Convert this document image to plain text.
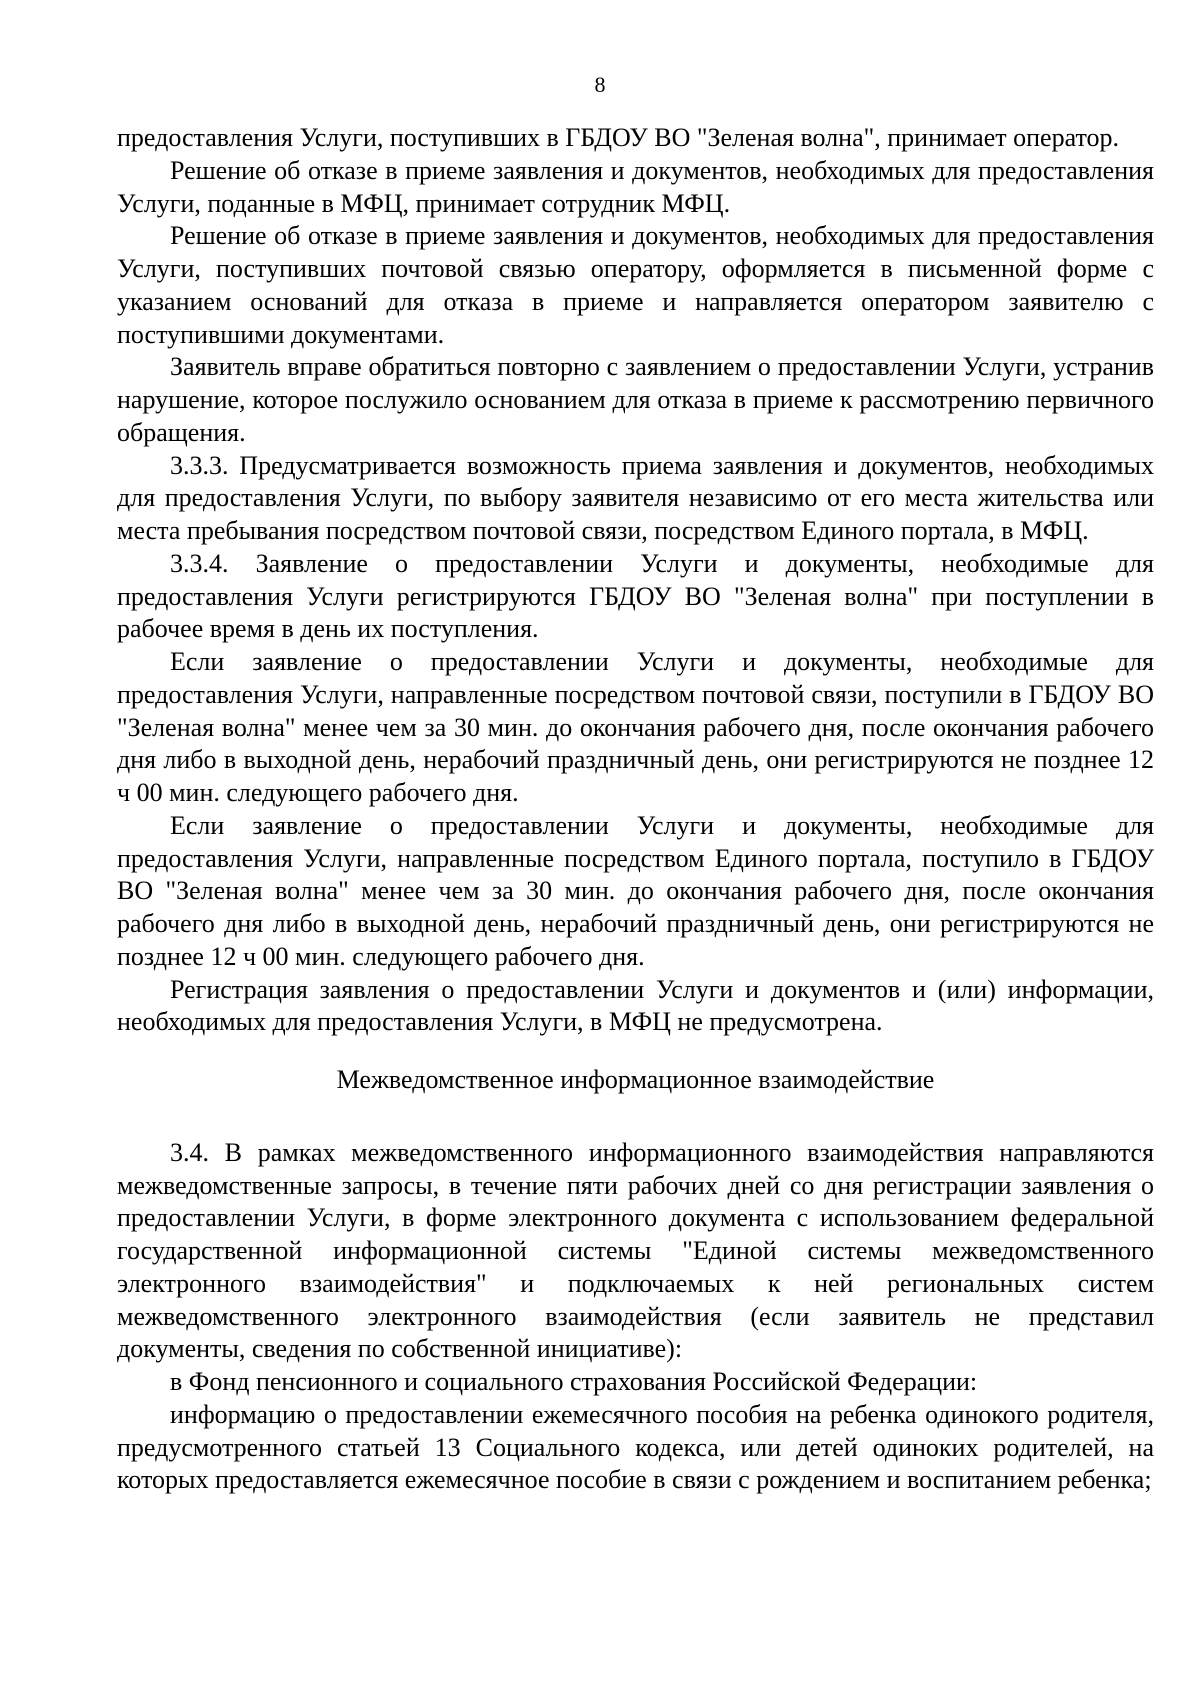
8

предоставления Услуги, поступивших в ГБДОУ ВО "Зеленая волна", принимает оператор.

Решение об отказе в приеме заявления и документов, необходимых для предоставления Услуги, поданные в МФЦ, принимает сотрудник МФЦ.

Решение об отказе в приеме заявления и документов, необходимых для предоставления Услуги, поступивших почтовой связью оператору, оформляется в письменной форме с указанием оснований для отказа в приеме и направляется оператором заявителю с поступившими документами.

Заявитель вправе обратиться повторно с заявлением о предоставлении Услуги, устранив нарушение, которое послужило основанием для отказа в приеме к рассмотрению первичного обращения.

3.3.3. Предусматривается возможность приема заявления и документов, необходимых для предоставления Услуги, по выбору заявителя независимо от его места жительства или места пребывания посредством почтовой связи, посредством Единого портала, в МФЦ.

3.3.4. Заявление о предоставлении Услуги и документы, необходимые для предоставления Услуги регистрируются ГБДОУ ВО "Зеленая волна" при поступлении в рабочее время в день их поступления.

Если заявление о предоставлении Услуги и документы, необходимые для предоставления Услуги, направленные посредством почтовой связи, поступили в ГБДОУ ВО "Зеленая волна" менее чем за 30 мин. до окончания рабочего дня, после окончания рабочего дня либо в выходной день, нерабочий праздничный день, они регистрируются не позднее 12 ч 00 мин. следующего рабочего дня.

Если заявление о предоставлении Услуги и документы, необходимые для предоставления Услуги, направленные посредством Единого портала, поступило в ГБДОУ ВО "Зеленая волна" менее чем за 30 мин. до окончания рабочего дня, после окончания рабочего дня либо в выходной день, нерабочий праздничный день, они регистрируются не позднее 12 ч 00 мин. следующего рабочего дня.

Регистрация заявления о предоставлении Услуги и документов и (или) информации, необходимых для предоставления Услуги, в МФЦ не предусмотрена.

Межведомственное информационное взаимодействие

3.4. В рамках межведомственного информационного взаимодействия направляются межведомственные запросы, в течение пяти рабочих дней со дня регистрации заявления о предоставлении Услуги, в форме электронного документа с использованием федеральной государственной информационной системы "Единой системы межведомственного электронного взаимодействия" и подключаемых к ней региональных систем межведомственного электронного взаимодействия (если заявитель не представил документы, сведения по собственной инициативе):

в Фонд пенсионного и социального страхования Российской Федерации:

информацию о предоставлении ежемесячного пособия на ребенка одинокого родителя, предусмотренного статьей 13 Социального кодекса, или детей одиноких родителей, на которых предоставляется ежемесячное пособие в связи с рождением и воспитанием ребенка;
